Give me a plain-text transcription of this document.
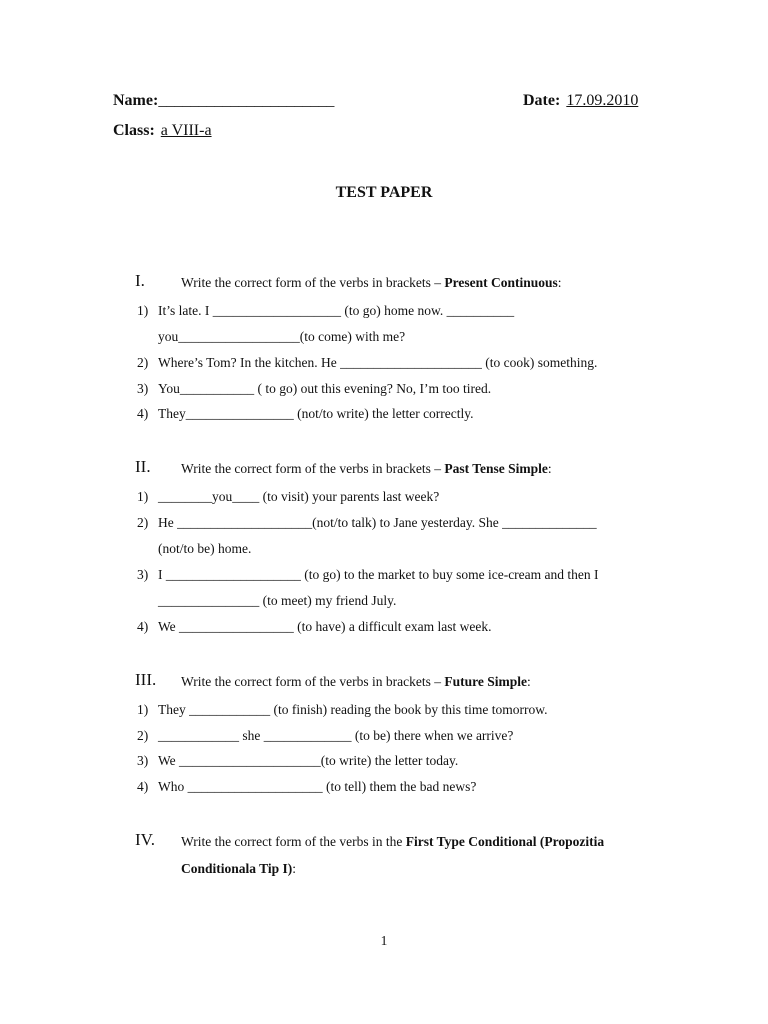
Name:______________________	Date: 17.09.2010
Class: a VIII-a
TEST PAPER
I.	Write the correct form of the verbs in brackets – Present Continuous:
1) It’s late. I ___________________ (to go) home now. __________
you__________________(to come) with me?
2) Where’s Tom? In the kitchen. He _____________________ (to cook) something.
3) You___________ ( to go) out this evening? No, I’m too tired.
4) They________________ (not/to write) the letter correctly.
II. Write the correct form of the verbs in brackets – Past Tense Simple:
1) ________you____ (to visit) your parents last week?
2) He ____________________(not/to talk) to Jane yesterday. She ______________
(not/to be) home.
3) I ____________________ (to go) to the market to buy some ice-cream and then I
_______________ (to meet) my friend July.
4) We _________________ (to have) a difficult exam last week.
III. Write the correct form of the verbs in brackets – Future Simple:
1) They ____________ (to finish) reading the book by this time tomorrow.
2) ____________ she _____________ (to be) there when we arrive?
3) We _____________________(to write) the letter today.
4) Who ____________________ (to tell) them the bad news?
IV. Write the correct form of the verbs in the First Type Conditional (Propozitia
Conditionala Tip I):
1
